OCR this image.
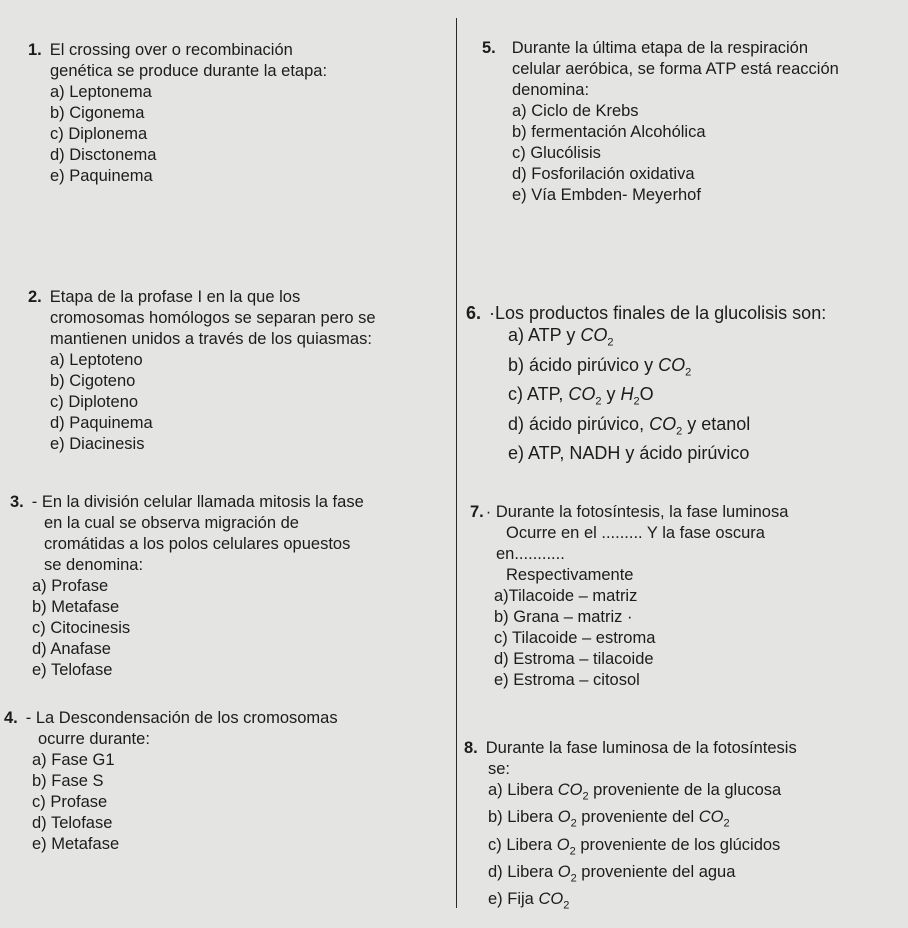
1. El crossing over o recombinación
genética se produce durante la etapa:
a) Leptonema
b) Cigonema
c) Diplonema
d) Disctonema
e) Paquinema
2. Etapa de la profase I en la que los
cromosomas homólogos se separan pero se
mantienen unidos a través de los quiasmas:
a) Leptoteno
b) Cigoteno
c) Diploteno
d) Paquinema
e) Diacinesis
3. - En la división celular llamada mitosis la fase
en la cual se observa migración de
cromátidas a los polos celulares opuestos
se denomina:
a) Profase
b) Metafase
c) Citocinesis
d) Anafase
e) Telofase
4. - La Descondensación de los cromosomas
ocurre durante:
a) Fase G1
b) Fase S
c) Profase
d) Telofase
e) Metafase
5. Durante la última etapa de la respiración
celular aeróbica, se forma ATP está reacción
denomina:
a) Ciclo de Krebs
b) fermentación Alcohólica
c) Glucólisis
d) Fosforilación oxidativa
e) Vía Embden- Meyerhof
6. ·Los productos finales de la glucolisis son:
a) ATP y $CO_2$
b) ácido pirúvico y $CO_2$
c) ATP, $CO_2$ y $H_2O$
d) ácido pirúvico, $CO_2$ y etanol
e) ATP, NADH y ácido pirúvico
7. · Durante la fotosíntesis, la fase luminosa
Ocurre en el ......... Y la fase oscura
en...........
Respectivamente
a)Tilacoide – matriz
b) Grana – matriz ·
c) Tilacoide – estroma
d) Estroma – tilacoide
e) Estroma – citosol
8. Durante la fase luminosa de la fotosíntesis
se:
a) Libera $CO_2$ proveniente de la glucosa
b) Libera $O_2$ proveniente del $CO_2$
c) Libera $O_2$ proveniente de los glúcidos
d) Libera $O_2$ proveniente del agua
e) Fija $CO_2$
